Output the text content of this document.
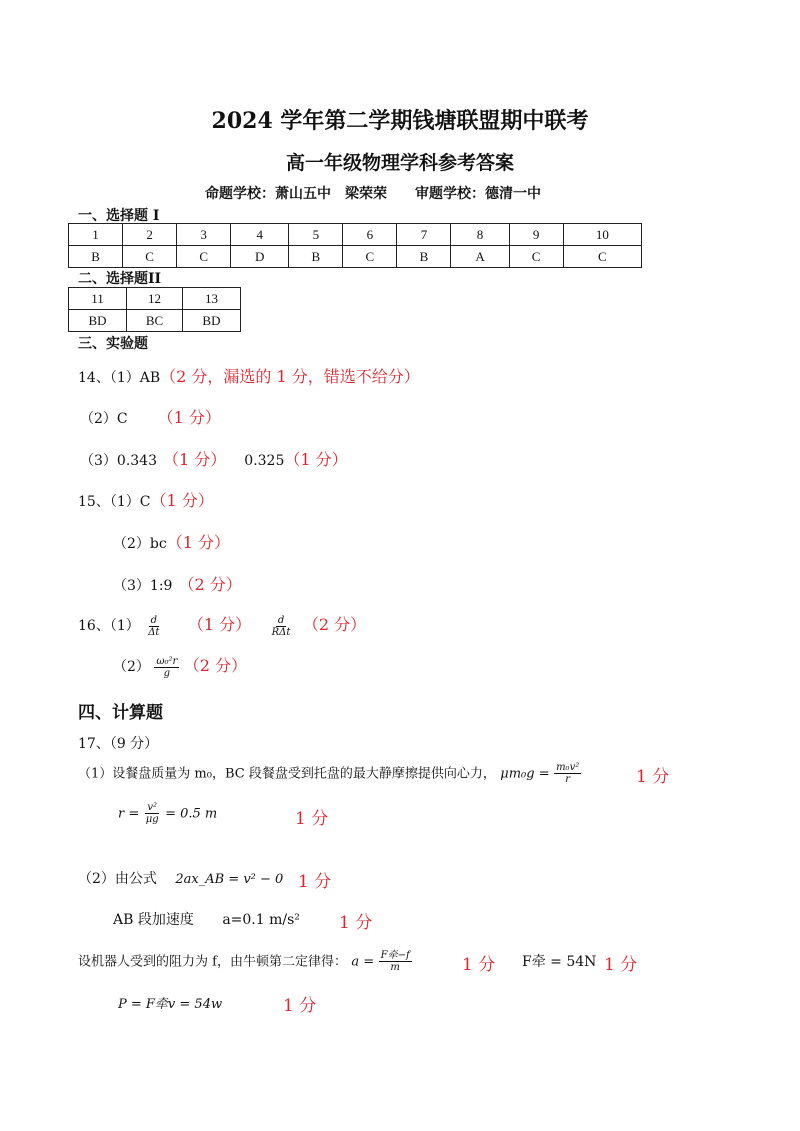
2024 学年第二学期钱塘联盟期中联考
高一年级物理学科参考答案
命题学校：萧山五中　梁荣荣　　审题学校：德清一中
一、选择题 I
1	2	3	4	5	6	7	8	9	10
B	C	C	D	B	C	B	A	C	C
二、选择题II
11	12	13
BD	BC	BD
三、实验题
14、（1）AB（2 分，漏选的 1 分，错选不给分）
（2）C （1 分）
（3）0.343 （1 分） 0.325（1 分）
15、（1）C（1 分）
（2）bc（1 分）
（3）1:9 （2 分）
16、$(1) \frac{d}{\Delta t} (1$ 分） $\frac{d}{\text{RΔt}} (2$ 分）
$(2) \frac{\text{ω₀²r}}{g} (2$ 分）
四、计算题
17、（9 分）
（1）设餐盘质量为 m₀，BC 段餐盘受到托盘的最大静摩擦提供向心力， $\mu m_0g = \frac{\text{m₀v²}}{r}$	1 分
$r = \frac{\text{v²}}{\mu g} = 0.5$ m	1 分
（2）由公式 2ax_AB = v² − 0 1 分
AB 段加速度 a=0.1 m/s² 1 分
设机器人受到的阻力为 f，由牛顿第二定律得： $a = \frac{\text{F牵−f}}{m}$	1 分 F牵 = 54N 1 分
P = F牵v = 54w	1 分
